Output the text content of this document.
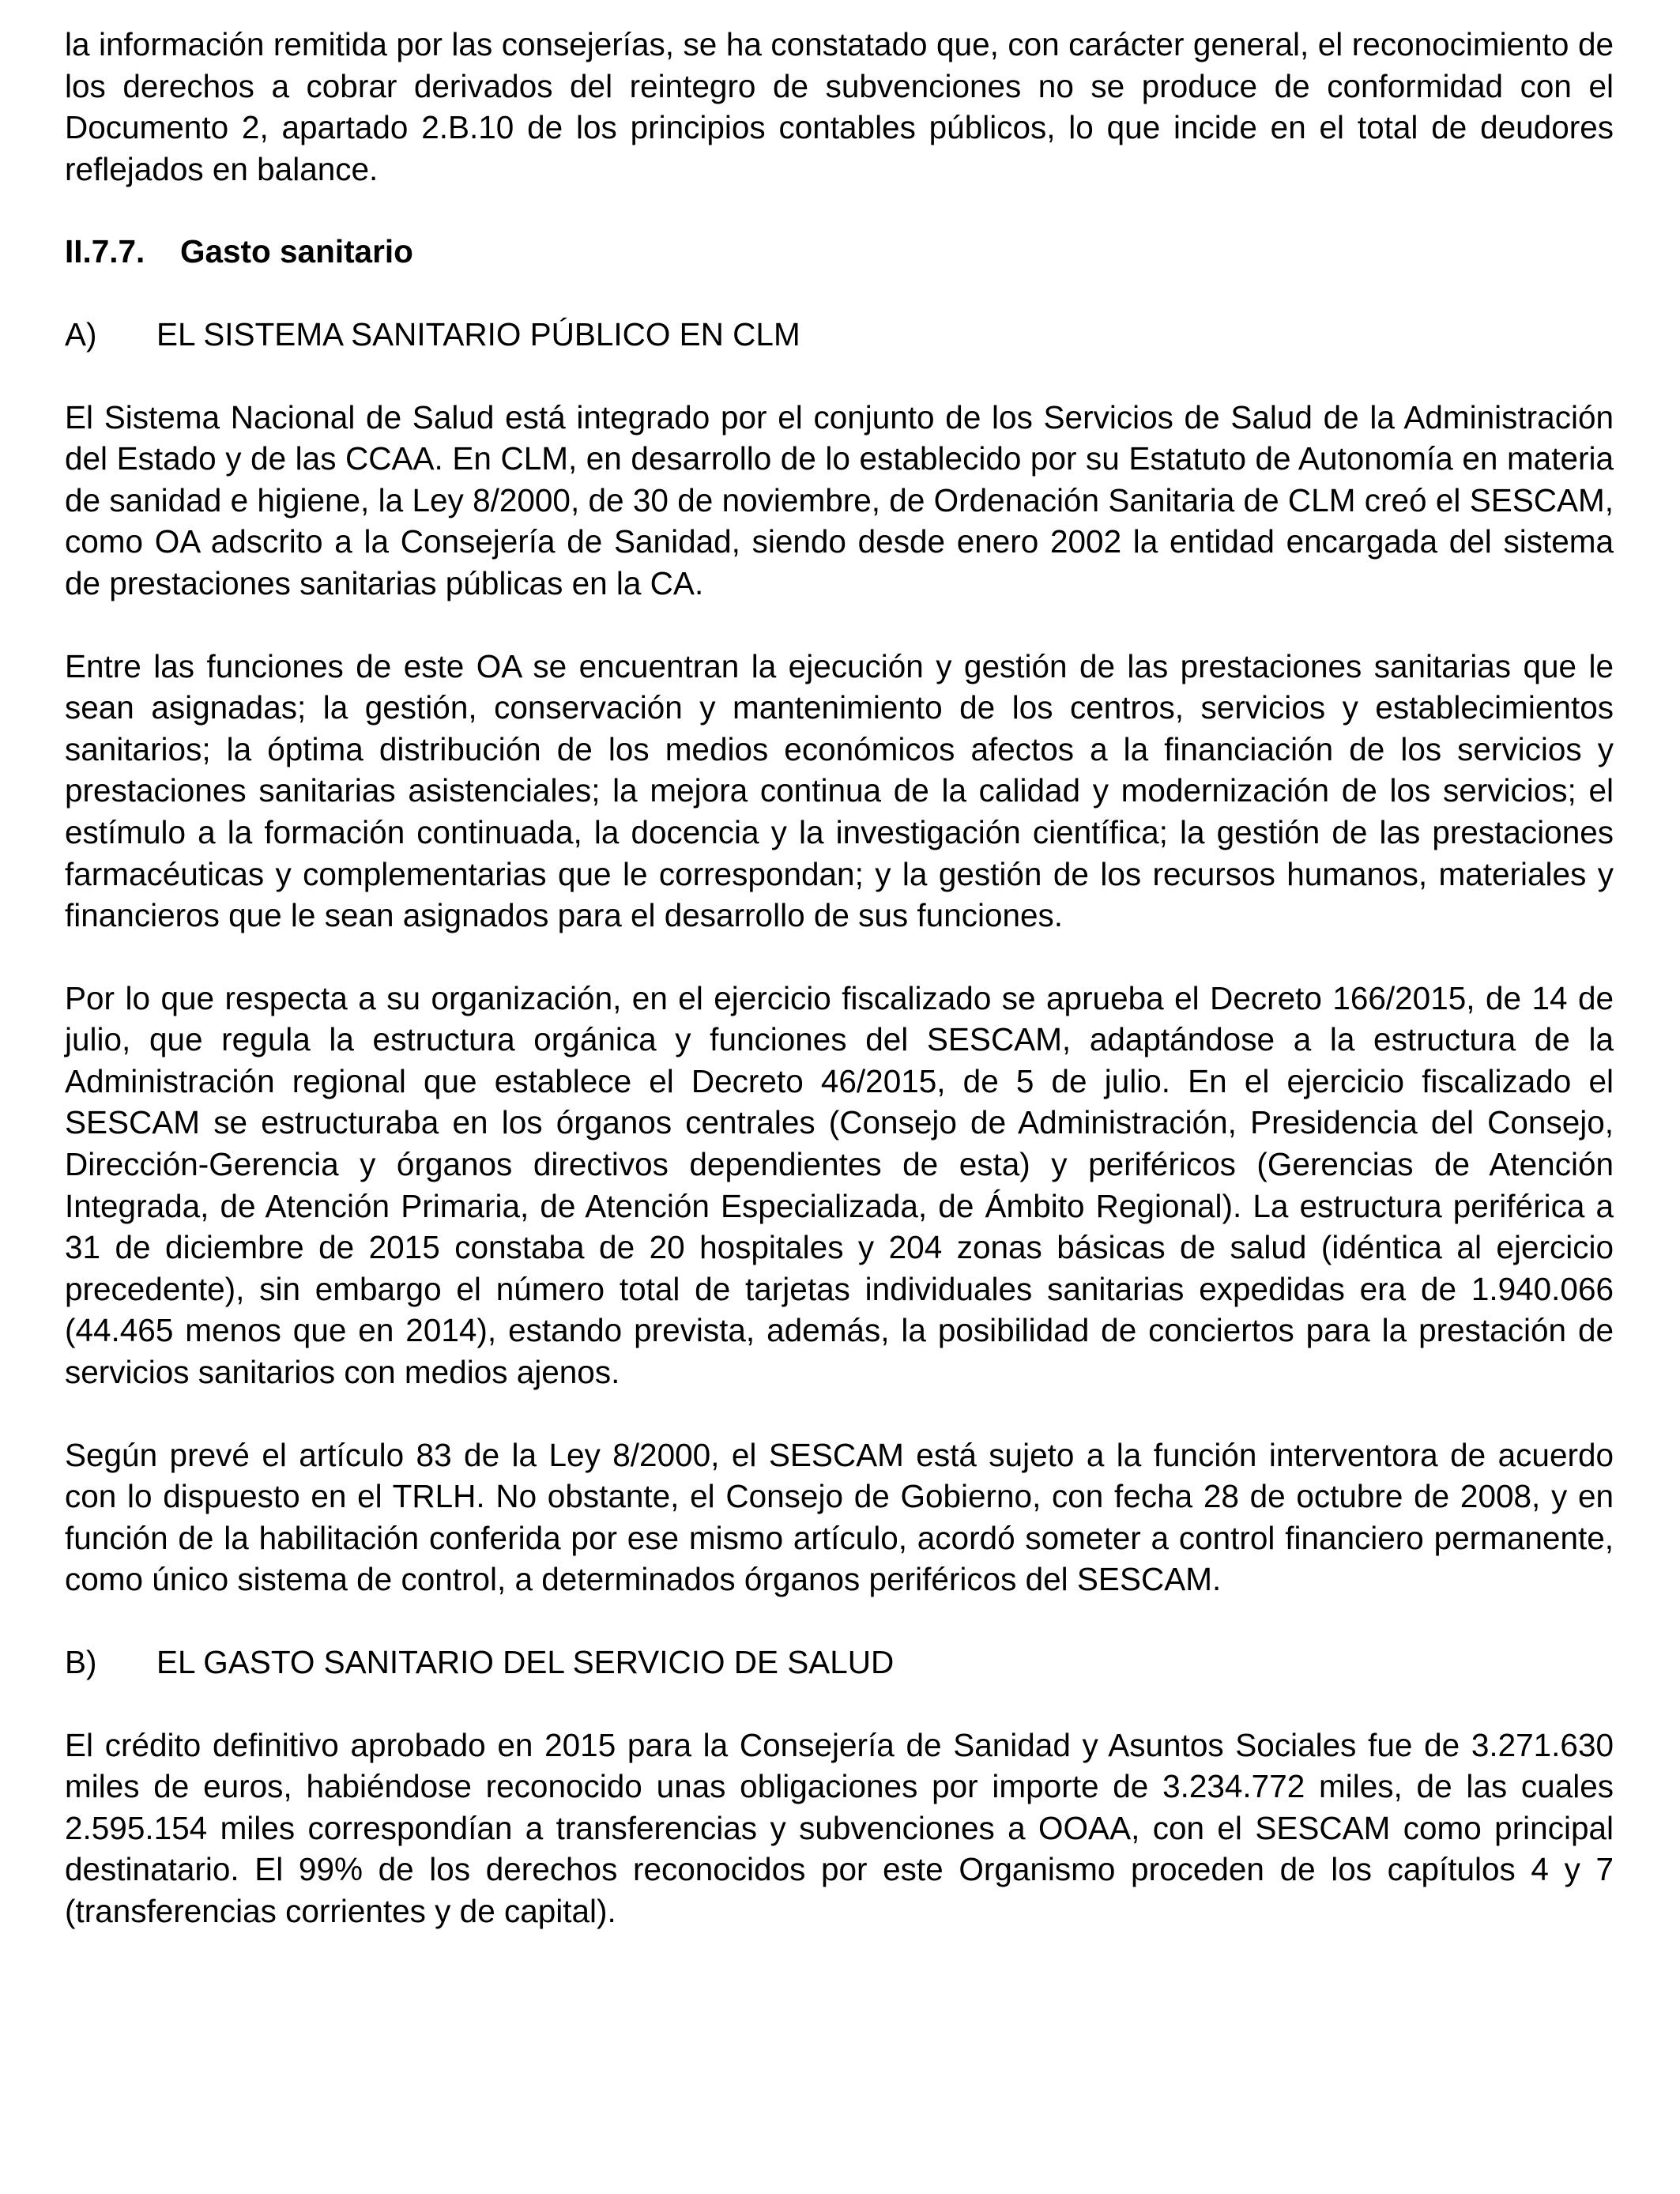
la información remitida por las consejerías, se ha constatado que, con carácter general, el reconocimiento de los derechos a cobrar derivados del reintegro de subvenciones no se produce de conformidad con el Documento 2, apartado 2.B.10 de los principios contables públicos, lo que incide en el total de deudores reflejados en balance.

II.7.7. Gasto sanitario
A) EL SISTEMA SANITARIO PÚBLICO EN CLM

El Sistema Nacional de Salud está integrado por el conjunto de los Servicios de Salud de la Administración del Estado y de las CCAA. En CLM, en desarrollo de lo establecido por su Estatuto de Autonomía en materia de sanidad e higiene, la Ley 8/2000, de 30 de noviembre, de Ordenación Sanitaria de CLM creó el SESCAM, como OA adscrito a la Consejería de Sanidad, siendo desde enero 2002 la entidad encargada del sistema de prestaciones sanitarias públicas en la CA.

Entre las funciones de este OA se encuentran la ejecución y gestión de las prestaciones sanitarias que le sean asignadas; la gestión, conservación y mantenimiento de los centros, servicios y establecimientos sanitarios; la óptima distribución de los medios económicos afectos a la financiación de los servicios y prestaciones sanitarias asistenciales; la mejora continua de la calidad y modernización de los servicios; el estímulo a la formación continuada, la docencia y la investigación científica; la gestión de las prestaciones farmacéuticas y complementarias que le correspondan; y la gestión de los recursos humanos, materiales y financieros que le sean asignados para el desarrollo de sus funciones.

Por lo que respecta a su organización, en el ejercicio fiscalizado se aprueba el Decreto 166/2015, de 14 de julio, que regula la estructura orgánica y funciones del SESCAM, adaptándose a la estructura de la Administración regional que establece el Decreto 46/2015, de 5 de julio. En el ejercicio fiscalizado el SESCAM se estructuraba en los órganos centrales (Consejo de Administración, Presidencia del Consejo, Dirección-Gerencia y órganos directivos dependientes de esta) y periféricos (Gerencias de Atención Integrada, de Atención Primaria, de Atención Especializada, de Ámbito Regional). La estructura periférica a 31 de diciembre de 2015 constaba de 20 hospitales y 204 zonas básicas de salud (idéntica al ejercicio precedente), sin embargo el número total de tarjetas individuales sanitarias expedidas era de 1.940.066 (44.465 menos que en 2014), estando prevista, además, la posibilidad de conciertos para la prestación de servicios sanitarios con medios ajenos.

Según prevé el artículo 83 de la Ley 8/2000, el SESCAM está sujeto a la función interventora de acuerdo con lo dispuesto en el TRLH. No obstante, el Consejo de Gobierno, con fecha 28 de octubre de 2008, y en función de la habilitación conferida por ese mismo artículo, acordó someter a control financiero permanente, como único sistema de control, a determinados órganos periféricos del SESCAM.

B) EL GASTO SANITARIO DEL SERVICIO DE SALUD

El crédito definitivo aprobado en 2015 para la Consejería de Sanidad y Asuntos Sociales fue de 3.271.630 miles de euros, habiéndose reconocido unas obligaciones por importe de 3.234.772 miles, de las cuales 2.595.154 miles correspondían a transferencias y subvenciones a OOAA, con el SESCAM como principal destinatario. El 99% de los derechos reconocidos por este Organismo proceden de los capítulos 4 y 7 (transferencias corrientes y de capital).
